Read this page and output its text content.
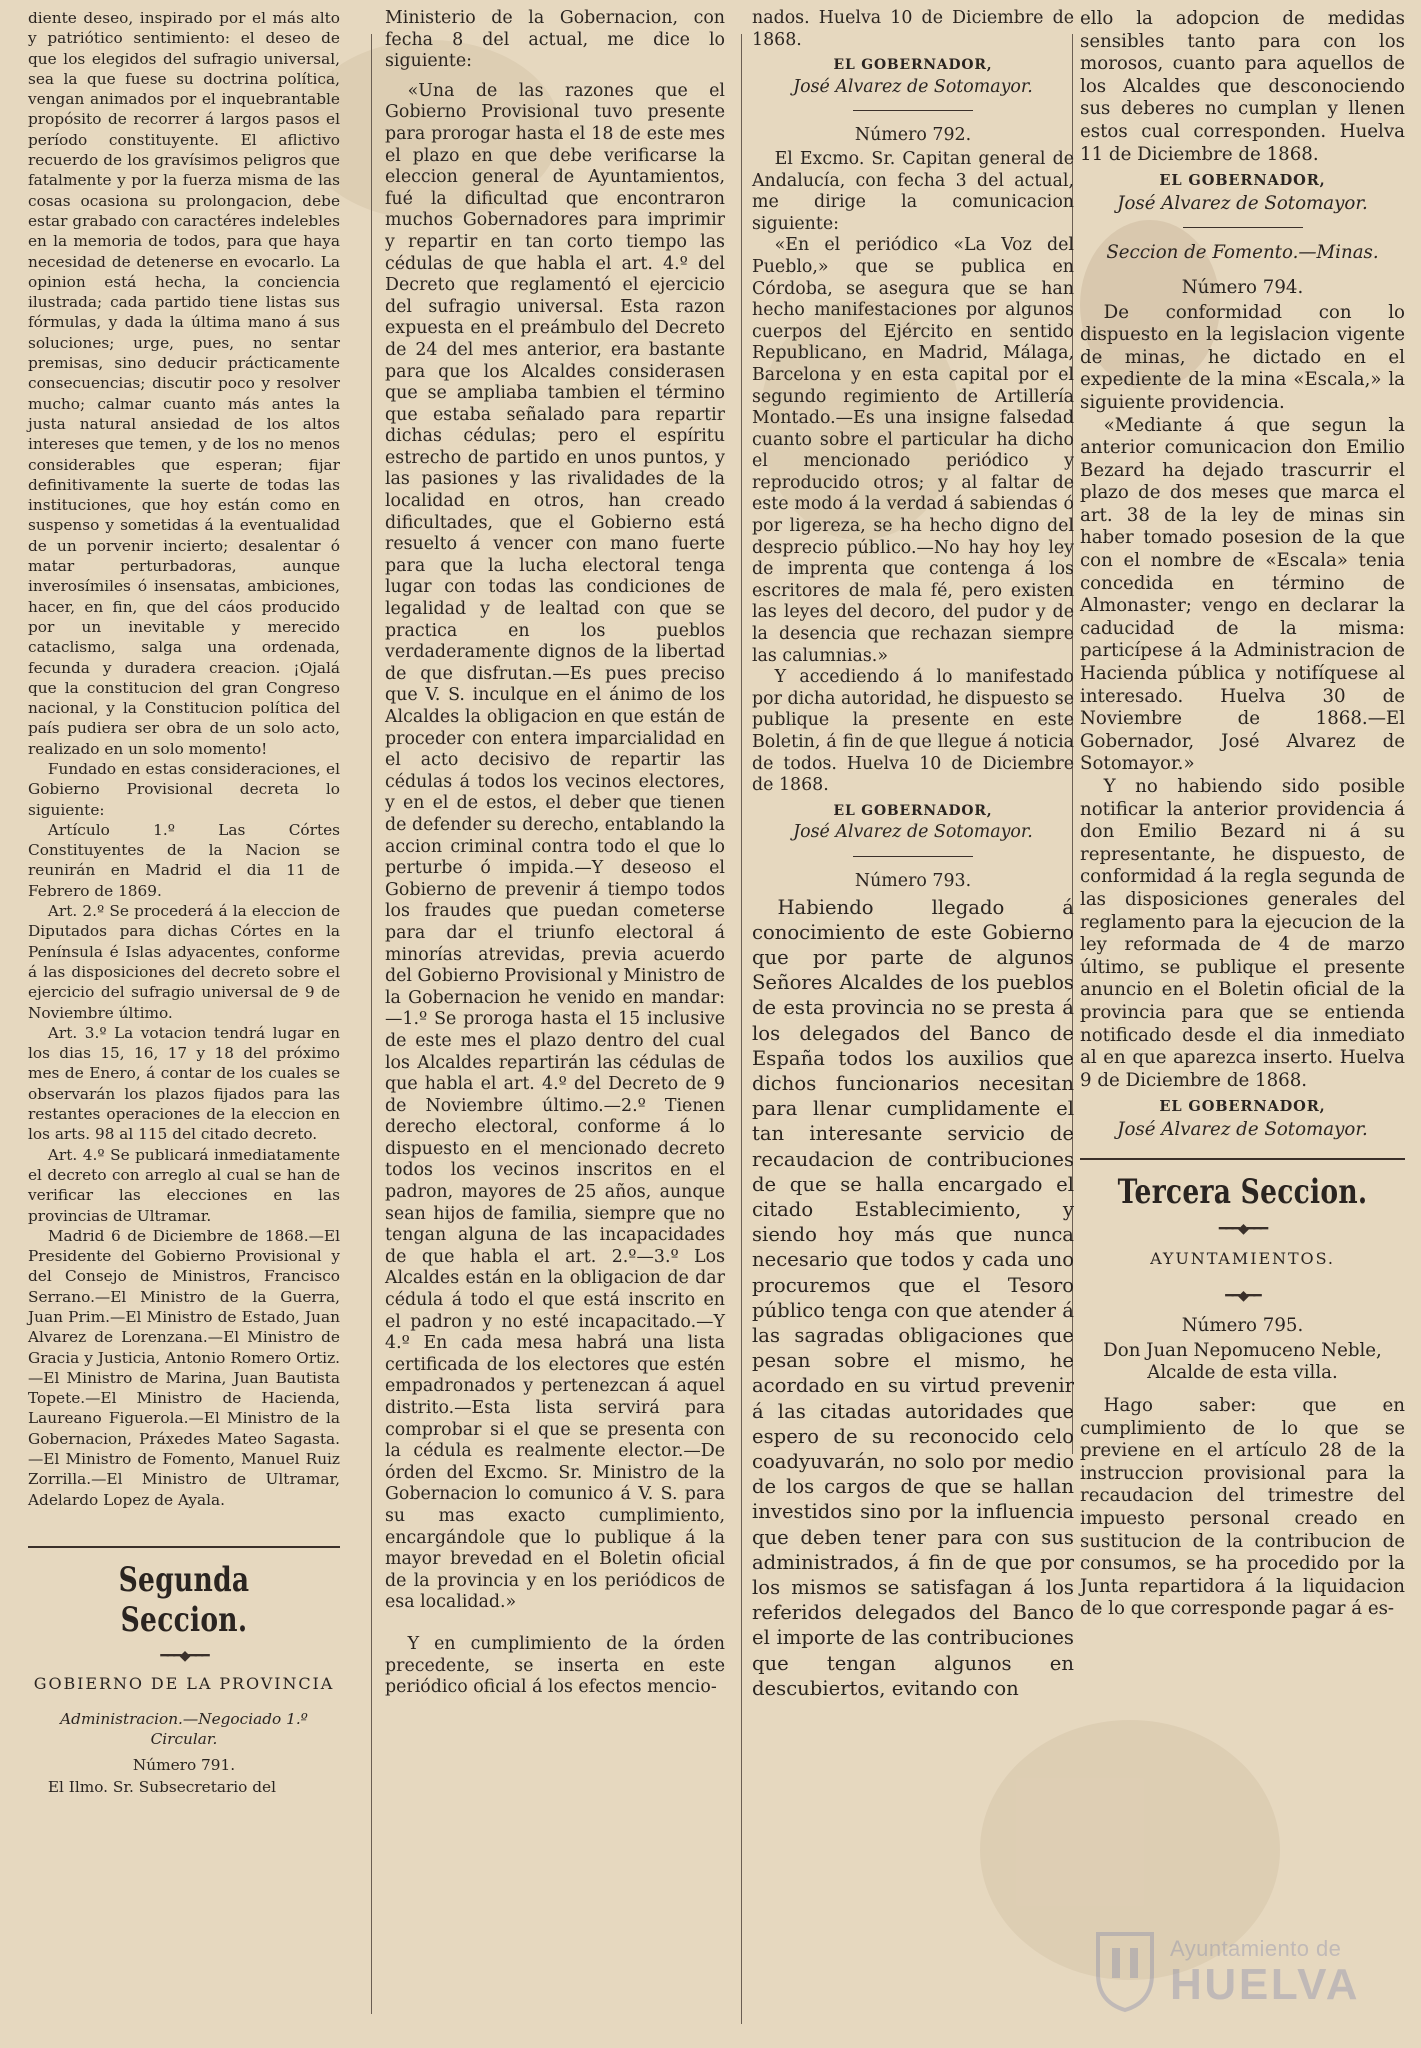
diente deseo, inspirado por el más alto y patriótico sentimiento: el deseo de que los elegidos del sufragio universal, sea la que fuese su doctrina política, vengan animados por el inquebrantable propósito de recorrer á largos pasos el período constituyente. El aflictivo recuerdo de los gravísimos peligros que fatalmente y por la fuerza misma de las cosas ocasiona su prolongacion, debe estar grabado con caractéres indelebles en la memoria de todos, para que haya necesidad de detenerse en evocarlo. La opinion está hecha, la conciencia ilustrada; cada partido tiene listas sus fórmulas, y dada la última mano á sus soluciones; urge, pues, no sentar premisas, sino deducir prácticamente consecuencias; discutir poco y resolver mucho; calmar cuanto más antes la justa natural ansiedad de los altos intereses que temen, y de los no menos considerables que esperan; fijar definitivamente la suerte de todas las instituciones, que hoy están como en suspenso y sometidas á la eventualidad de un porvenir incierto; desalentar ó matar perturbadoras, aunque inverosímiles ó insensatas, ambiciones, hacer, en fin, que del cáos producido por un inevitable y merecido cataclismo, salga una ordenada, fecunda y duradera creacion. ¡Ojalá que la constitucion del gran Congreso nacional, y la Constitucion política del país pudiera ser obra de un solo acto, realizado en un solo momento!

Fundado en estas consideraciones, el Gobierno Provisional decreta lo siguiente:

Artículo 1.º Las Córtes Constituyentes de la Nacion se reunirán en Madrid el dia 11 de Febrero de 1869.

Art. 2.º Se procederá á la eleccion de Diputados para dichas Córtes en la Península é Islas adyacentes, conforme á las disposiciones del decreto sobre el ejercicio del sufragio universal de 9 de Noviembre último.

Art. 3.º La votacion tendrá lugar en los dias 15, 16, 17 y 18 del próximo mes de Enero, á contar de los cuales se observarán los plazos fijados para las restantes operaciones de la eleccion en los arts. 98 al 115 del citado decreto.

Art. 4.º Se publicará inmediatamente el decreto con arreglo al cual se han de verificar las elecciones en las provincias de Ultramar.

Madrid 6 de Diciembre de 1868.—El Presidente del Gobierno Provisional y del Consejo de Ministros, Francisco Serrano.—El Ministro de la Guerra, Juan Prim.—El Ministro de Estado, Juan Alvarez de Lorenzana.—El Ministro de Gracia y Justicia, Antonio Romero Ortiz.—El Ministro de Marina, Juan Bautista Topete.—El Ministro de Hacienda, Laureano Figuerola.—El Ministro de la Gobernacion, Práxedes Mateo Sagasta.—El Ministro de Fomento, Manuel Ruiz Zorrilla.—El Ministro de Ultramar, Adelardo Lopez de Ayala.

Segunda Seccion.
━━━◆━━━
GOBIERNO DE LA PROVINCIA
Administracion.—Negociado 1.º
Circular.
Número 791.

El Ilmo. Sr. Subsecretario del

Ministerio de la Gobernacion, con fecha 8 del actual, me dice lo siguiente:

«Una de las razones que el Gobierno Provisional tuvo presente para prorogar hasta el 18 de este mes el plazo en que debe verificarse la eleccion general de Ayuntamientos, fué la dificultad que encontraron muchos Gobernadores para imprimir y repartir en tan corto tiempo las cédulas de que habla el art. 4.º del Decreto que reglamentó el ejercicio del sufragio universal. Esta razon expuesta en el preámbulo del Decreto de 24 del mes anterior, era bastante para que los Alcaldes considerasen que se ampliaba tambien el término que estaba señalado para repartir dichas cédulas; pero el espíritu estrecho de partido en unos puntos, y las pasiones y las rivalidades de la localidad en otros, han creado dificultades, que el Gobierno está resuelto á vencer con mano fuerte para que la lucha electoral tenga lugar con todas las condiciones de legalidad y de lealtad con que se practica en los pueblos verdaderamente dignos de la libertad de que disfrutan.—Es pues preciso que V. S. inculque en el ánimo de los Alcaldes la obligacion en que están de proceder con entera imparcialidad en el acto decisivo de repartir las cédulas á todos los vecinos electores, y en el de estos, el deber que tienen de defender su derecho, entablando la accion criminal contra todo el que lo perturbe ó impida.—Y deseoso el Gobierno de prevenir á tiempo todos los fraudes que puedan cometerse para dar el triunfo electoral á minorías atrevidas, previa acuerdo del Gobierno Provisional y Ministro de la Gobernacion he venido en mandar:—1.º Se proroga hasta el 15 inclusive de este mes el plazo dentro del cual los Alcaldes repartirán las cédulas de que habla el art. 4.º del Decreto de 9 de Noviembre último.—2.º Tienen derecho electoral, conforme á lo dispuesto en el mencionado decreto todos los vecinos inscritos en el padron, mayores de 25 años, aunque sean hijos de familia, siempre que no tengan alguna de las incapacidades de que habla el art. 2.º—3.º Los Alcaldes están en la obligacion de dar cédula á todo el que está inscrito en el padron y no esté incapacitado.—Y 4.º En cada mesa habrá una lista certificada de los electores que estén empadronados y pertenezcan á aquel distrito.—Esta lista servirá para comprobar si el que se presenta con la cédula es realmente elector.—De órden del Excmo. Sr. Ministro de la Gobernacion lo comunico á V. S. para su mas exacto cumplimiento, encargándole que lo publique á la mayor brevedad en el Boletin oficial de la provincia y en los periódicos de esa localidad.»

Y en cumplimiento de la órden precedente, se inserta en este periódico oficial á los efectos mencio-

nados. Huelva 10 de Diciembre de 1868.

EL GOBERNADOR,
José Alvarez de Sotomayor.
Número 792.

El Excmo. Sr. Capitan general de Andalucía, con fecha 3 del actual, me dirige la comunicacion siguiente:

«En el periódico «La Voz del Pueblo,» que se publica en Córdoba, se asegura que se han hecho manifestaciones por algunos cuerpos del Ejército en sentido Republicano, en Madrid, Málaga, Barcelona y en esta capital por el segundo regimiento de Artillería Montado.—Es una insigne falsedad cuanto sobre el particular ha dicho el mencionado periódico y reproducido otros; y al faltar de este modo á la verdad á sabiendas ó por ligereza, se ha hecho digno del desprecio público.—No hay hoy ley de imprenta que contenga á los escritores de mala fé, pero existen las leyes del decoro, del pudor y de la desencia que rechazan siempre las calumnias.»

Y accediendo á lo manifestado por dicha autoridad, he dispuesto se publique la presente en este Boletin, á fin de que llegue á noticia de todos. Huelva 10 de Diciembre de 1868.

EL GOBERNADOR,
José Alvarez de Sotomayor.
Número 793.

Habiendo llegado á conocimiento de este Gobierno que por parte de algunos Señores Alcaldes de los pueblos de esta provincia no se presta á los delegados del Banco de España todos los auxilios que dichos funcionarios necesitan para llenar cumplidamente el tan interesante servicio de recaudacion de contribuciones de que se halla encargado el citado Establecimiento, y siendo hoy más que nunca necesario que todos y cada uno procuremos que el Tesoro público tenga con que atender á las sagradas obligaciones que pesan sobre el mismo, he acordado en su virtud prevenir á las citadas autoridades que espero de su reconocido celo coadyuvarán, no solo por medio de los cargos de que se hallan investidos sino por la influencia que deben tener para con sus administrados, á fin de que por los mismos se satisfagan á los referidos delegados del Banco el importe de las contribuciones que tengan algunos en descubiertos, evitando con

ello la adopcion de medidas sensibles tanto para con los morosos, cuanto para aquellos de los Alcaldes que desconociendo sus deberes no cumplan y llenen estos cual corresponden. Huelva 11 de Diciembre de 1868.

EL GOBERNADOR,
José Alvarez de Sotomayor.
Seccion de Fomento.—Minas.
Número 794.

De conformidad con lo dispuesto en la legislacion vigente de minas, he dictado en el expediente de la mina «Escala,» la siguiente providencia.

«Mediante á que segun la anterior comunicacion don Emilio Bezard ha dejado trascurrir el plazo de dos meses que marca el art. 38 de la ley de minas sin haber tomado posesion de la que con el nombre de «Escala» tenia concedida en término de Almonaster; vengo en declarar la caducidad de la misma: particípese á la Administracion de Hacienda pública y notifíquese al interesado. Huelva 30 de Noviembre de 1868.—El Gobernador, José Alvarez de Sotomayor.»

Y no habiendo sido posible notificar la anterior providencia á don Emilio Bezard ni á su representante, he dispuesto, de conformidad á la regla segunda de las disposiciones generales del reglamento para la ejecucion de la ley reformada de 4 de marzo último, se publique el presente anuncio en el Boletin oficial de la provincia para que se entienda notificado desde el dia inmediato al en que aparezca inserto. Huelva 9 de Diciembre de 1868.

EL GOBERNADOR,
José Alvarez de Sotomayor.
Tercera Seccion.
━━━◆━━━
AYUNTAMIENTOS.
━━◆━━
Número 795.

Don Juan Nepomuceno Neble, Alcalde de esta villa.

Hago saber: que en cumplimiento de lo que se previene en el artículo 28 de la instruccion provisional para la recaudacion del trimestre del impuesto personal creado en sustitucion de la contribucion de consumos, se ha procedido por la Junta repartidora á la liquidacion de lo que corresponde pagar á es-

Ayuntamiento de
HUELVA
